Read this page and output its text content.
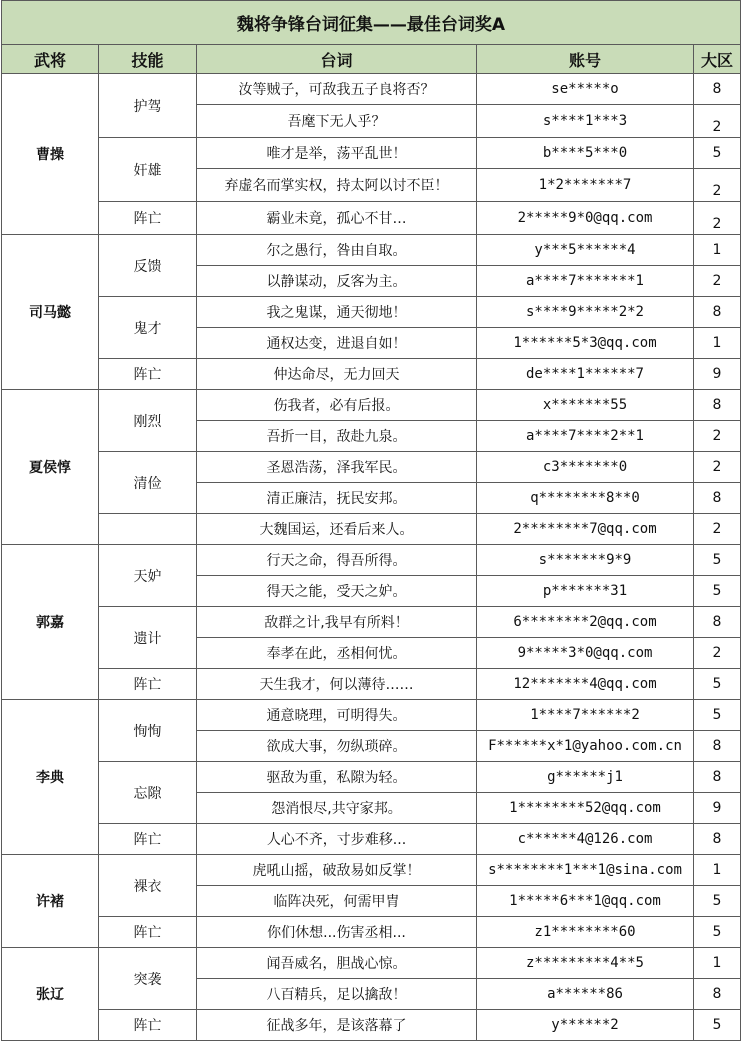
魏将争锋台词征集——最佳台词奖A				
武将	技能	台词	账号	大区
曹操	护驾	汝等贼子，可敌我五子良将否？	se*****o	8
		吾麾下无人乎？	s****1***3	2
	奸雄	唯才是举，荡平乱世！	b****5***0	5
		弃虚名而掌实权，持太阿以讨不臣！	1*2*******7	2
	阵亡	霸业未竟，孤心不甘…	2*****9*0@qq.com	2
司马懿	反馈	尔之愚行，咎由自取。	y***5******4	1
		以静谋动，反客为主。	a****7*******1	2
	鬼才	我之鬼谋，通天彻地！	s****9*****2*2	8
		通权达变，进退自如！	1******5*3@qq.com	1
	阵亡	仲达命尽，无力回天	de****1******7	9
夏侯惇	刚烈	伤我者，必有后报。	x*******55	8
		吾折一目，敌赴九泉。	a****7****2**1	2
	清俭	圣恩浩荡，泽我军民。	c3*******0	2
		清正廉洁，抚民安邦。	q********8**0	8
		大魏国运，还看后来人。	2********7@qq.com	2
郭嘉	天妒	行天之命，得吾所得。	s*******9*9	5
		得天之能，受天之妒。	p*******31	5
	遗计	敌群之计,我早有所料！	6********2@qq.com	8
		奉孝在此，丞相何忧。	9*****3*0@qq.com	2
	阵亡	天生我才，何以薄待……	12*******4@qq.com	5
李典	恂恂	通意晓理，可明得失。	1****7******2	5
		欲成大事，勿纵琐碎。	F******x*1@yahoo.com.cn	8
	忘隙	驱敌为重，私隙为轻。	g******j1	8
		怨消恨尽,共守家邦。	1********52@qq.com	9
	阵亡	人心不齐，寸步难移...	c******4@126.com	8
许褚	裸衣	虎吼山摇，破敌易如反掌！	s********1***1@sina.com	1
		临阵决死，何需甲胄	1*****6***1@qq.com	5
	阵亡	你们休想...伤害丞相...	z1********60	5
张辽	突袭	闻吾威名，胆战心惊。	z*********4**5	1
		八百精兵，足以擒敌！	a******86	8
	阵亡	征战多年，是该落幕了	y******2	5
